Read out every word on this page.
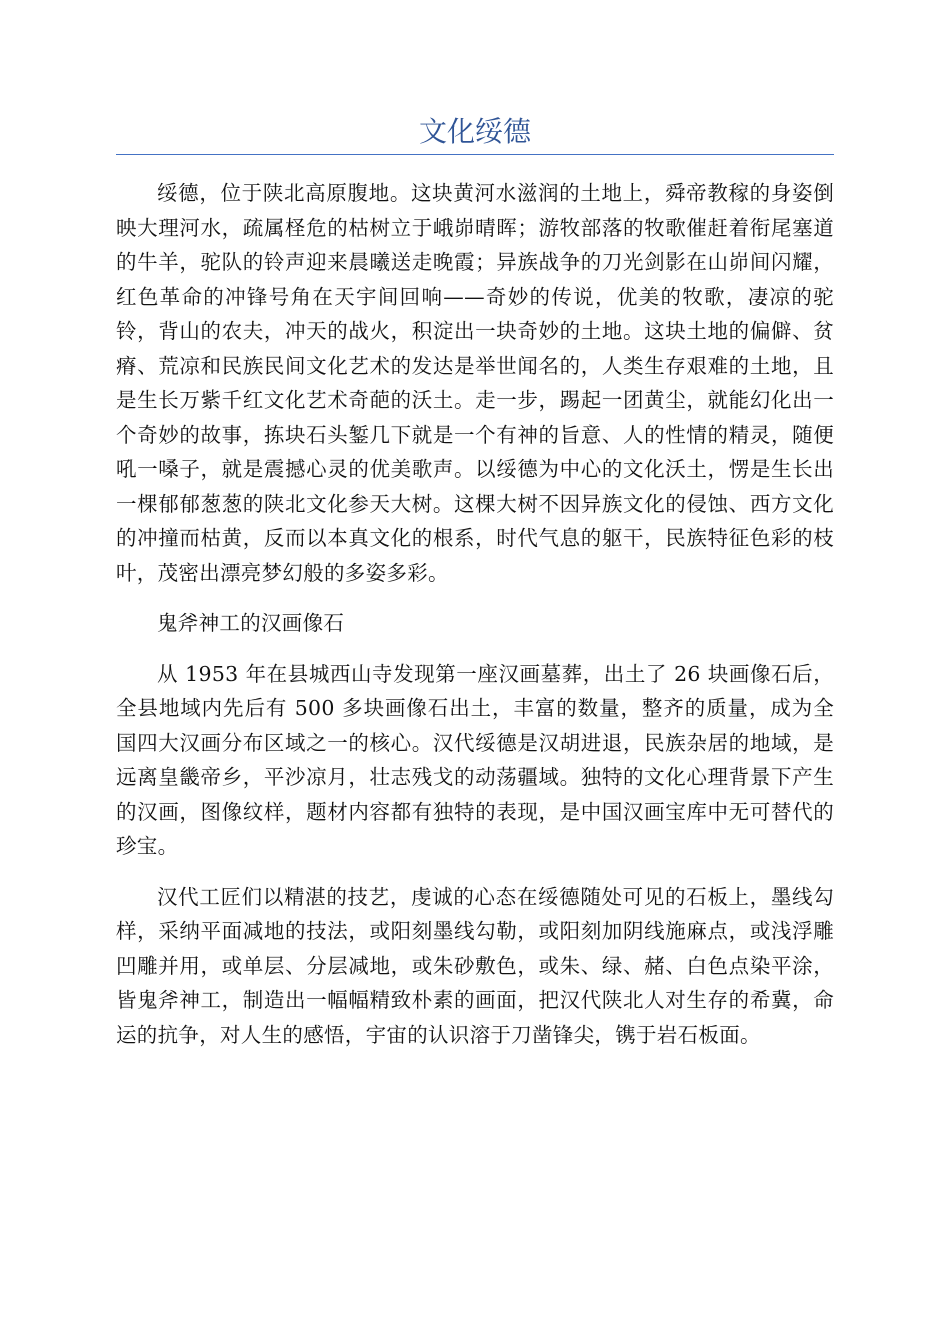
文化绥德

绥德，位于陕北高原腹地。这块黄河水滋润的土地上，舜帝教稼的身姿倒映大理河水，疏属柽危的枯树立于峨峁晴晖；游牧部落的牧歌催赶着衔尾塞道的牛羊，驼队的铃声迎来晨曦送走晚霞；异族战争的刀光剑影在山峁间闪耀，红色革命的冲锋号角在天宇间回响——奇妙的传说，优美的牧歌，凄凉的驼铃，背山的农夫，冲天的战火，积淀出一块奇妙的土地。这块土地的偏僻、贫瘠、荒凉和民族民间文化艺术的发达是举世闻名的，人类生存艰难的土地，且是生长万紫千红文化艺术奇葩的沃土。走一步，踢起一团黄尘，就能幻化出一个奇妙的故事，拣块石头錾几下就是一个有神的旨意、人的性情的精灵，随便吼一嗓子，就是震撼心灵的优美歌声。以绥德为中心的文化沃土，愣是生长出一棵郁郁葱葱的陕北文化参天大树。这棵大树不因异族文化的侵蚀、西方文化的冲撞而枯黄，反而以本真文化的根系，时代气息的躯干，民族特征色彩的枝叶，茂密出漂亮梦幻般的多姿多彩。

鬼斧神工的汉画像石

从 1953 年在县城西山寺发现第一座汉画墓葬，出土了 26 块画像石后，全县地域内先后有 500 多块画像石出土，丰富的数量，整齐的质量，成为全国四大汉画分布区域之一的核心。汉代绥德是汉胡进退，民族杂居的地域，是远离皇畿帝乡，平沙凉月，壮志残戈的动荡疆域。独特的文化心理背景下产生的汉画，图像纹样，题材内容都有独特的表现，是中国汉画宝库中无可替代的珍宝。

汉代工匠们以精湛的技艺，虔诚的心态在绥德随处可见的石板上，墨线勾样，采纳平面减地的技法，或阳刻墨线勾勒，或阳刻加阴线施麻点，或浅浮雕凹雕并用，或单层、分层减地，或朱砂敷色，或朱、绿、赭、白色点染平涂，皆鬼斧神工，制造出一幅幅精致朴素的画面，把汉代陕北人对生存的希冀，命运的抗争，对人生的感悟，宇宙的认识溶于刀凿锋尖，镌于岩石板面。
